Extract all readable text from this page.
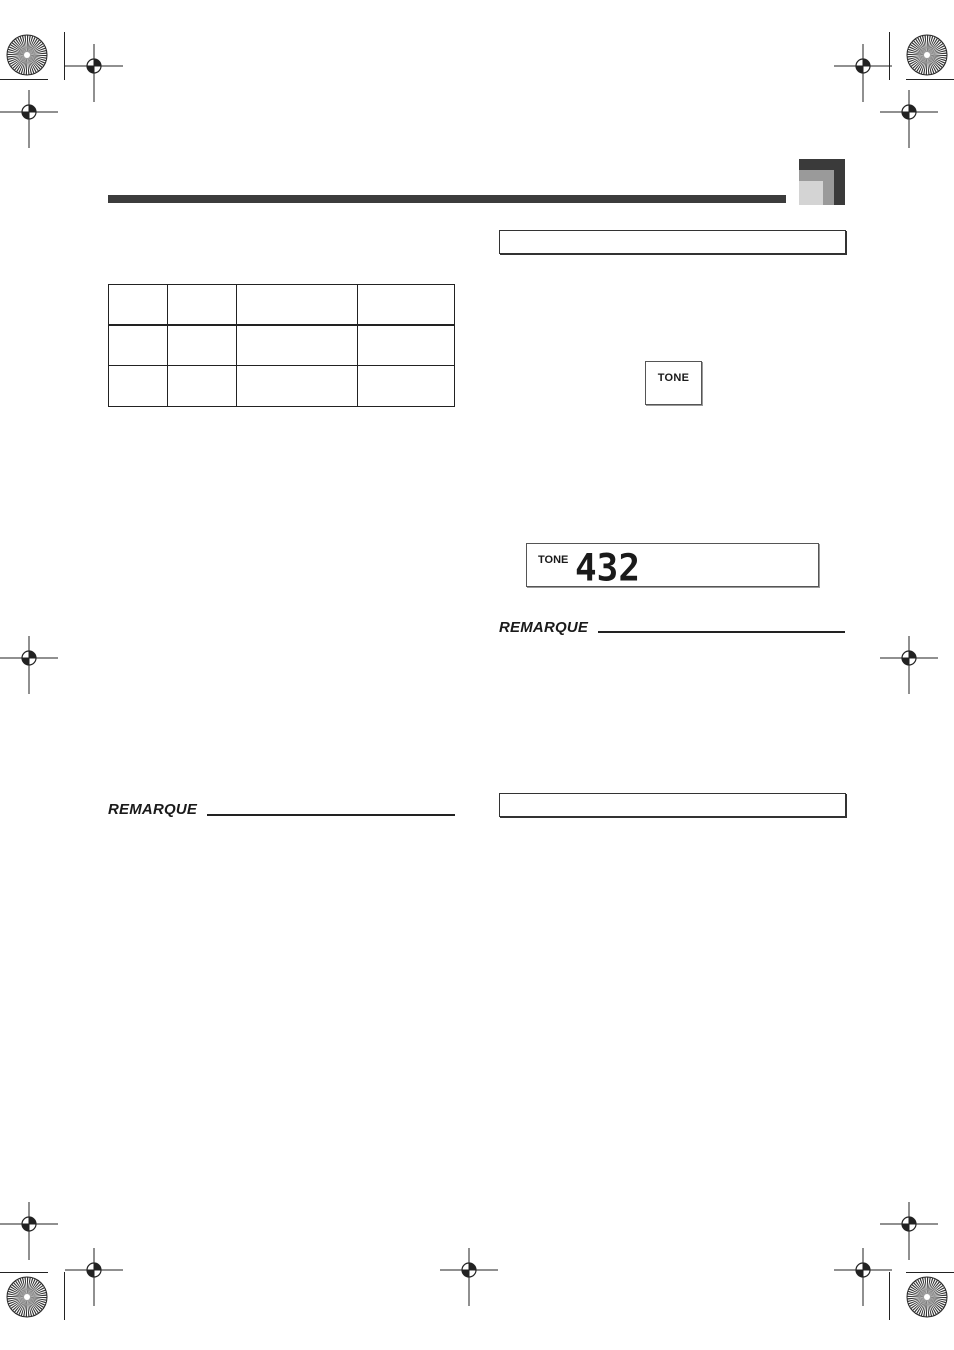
REMARQUE
TONE
TONE 432
REMARQUE
